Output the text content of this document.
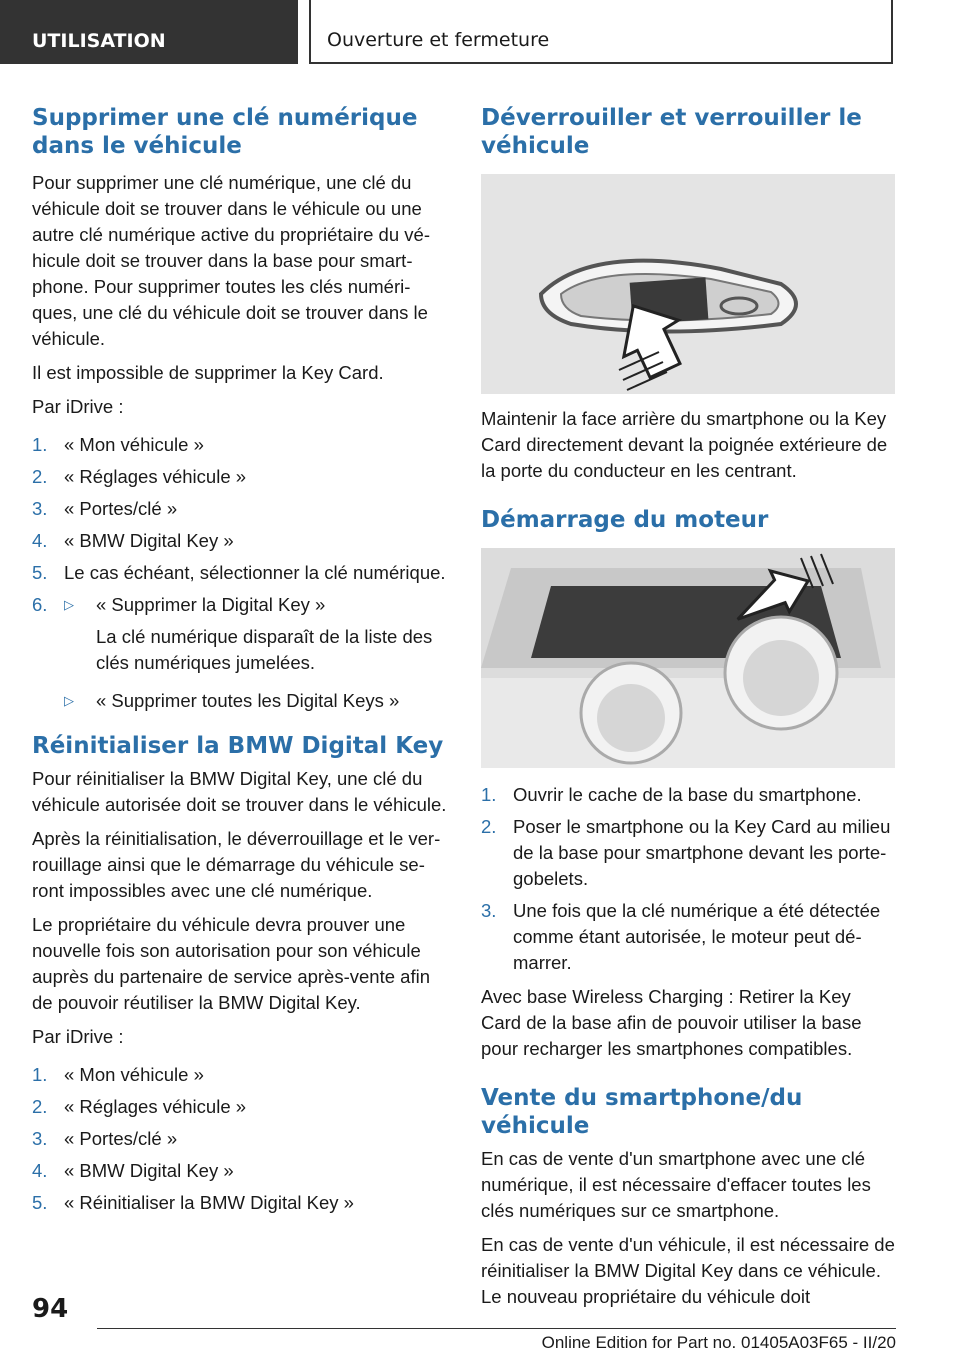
UTILISATION	Ouverture et fermeture
Supprimer une clé numérique dans le véhicule

Pour supprimer une clé numérique, une clé du véhicule doit se trouver dans le véhicule ou une autre clé numérique active du propriétaire du véhicule doit se trouver dans la base pour smartphone. Pour supprimer toutes les clés numériques, une clé du véhicule doit se trouver dans le véhicule.

Il est impossible de supprimer la Key Card.

Par iDrive :

1. « Mon véhicule »
2. « Réglages véhicule »
3. « Portes/clé »
4. « BMW Digital Key »
5. Le cas échéant, sélectionner la clé numérique.
6. ▷ « Supprimer la Digital Key »
La clé numérique disparaît de la liste des clés numériques jumelées.
▷ « Supprimer toutes les Digital Keys »
Réinitialiser la BMW Digital Key

Pour réinitialiser la BMW Digital Key, une clé du véhicule autorisée doit se trouver dans le véhicule.

Après la réinitialisation, le déverrouillage et le verrouillage ainsi que le démarrage du véhicule seront impossibles avec une clé numérique.

Le propriétaire du véhicule devra prouver une nouvelle fois son autorisation pour son véhicule auprès du partenaire de service après-vente afin de pouvoir réutiliser la BMW Digital Key.

Par iDrive :

1. « Mon véhicule »
2. « Réglages véhicule »
3. « Portes/clé »
4. « BMW Digital Key »
5. « Réinitialiser la BMW Digital Key »
Déverrouiller et verrouiller le véhicule

Maintenir la face arrière du smartphone ou la Key Card directement devant la poignée extérieure de la porte du conducteur en les centrant.

Démarrage du moteur
1. Ouvrir le cache de la base du smartphone.
2. Poser le smartphone ou la Key Card au milieu de la base pour smartphone devant les porte-gobelets.
3. Une fois que la clé numérique a été détectée comme étant autorisée, le moteur peut démarrer.

Avec base Wireless Charging : Retirer la Key Card de la base afin de pouvoir utiliser la base pour recharger les smartphones compatibles.

Vente du smartphone/du véhicule

En cas de vente d'un smartphone avec une clé numérique, il est nécessaire d'effacer toutes les clés numériques sur ce smartphone.

En cas de vente d'un véhicule, il est nécessaire de réinitialiser la BMW Digital Key dans ce véhicule. Le nouveau propriétaire du véhicule doit

94
Online Edition for Part no. 01405A03F65 - II/20
